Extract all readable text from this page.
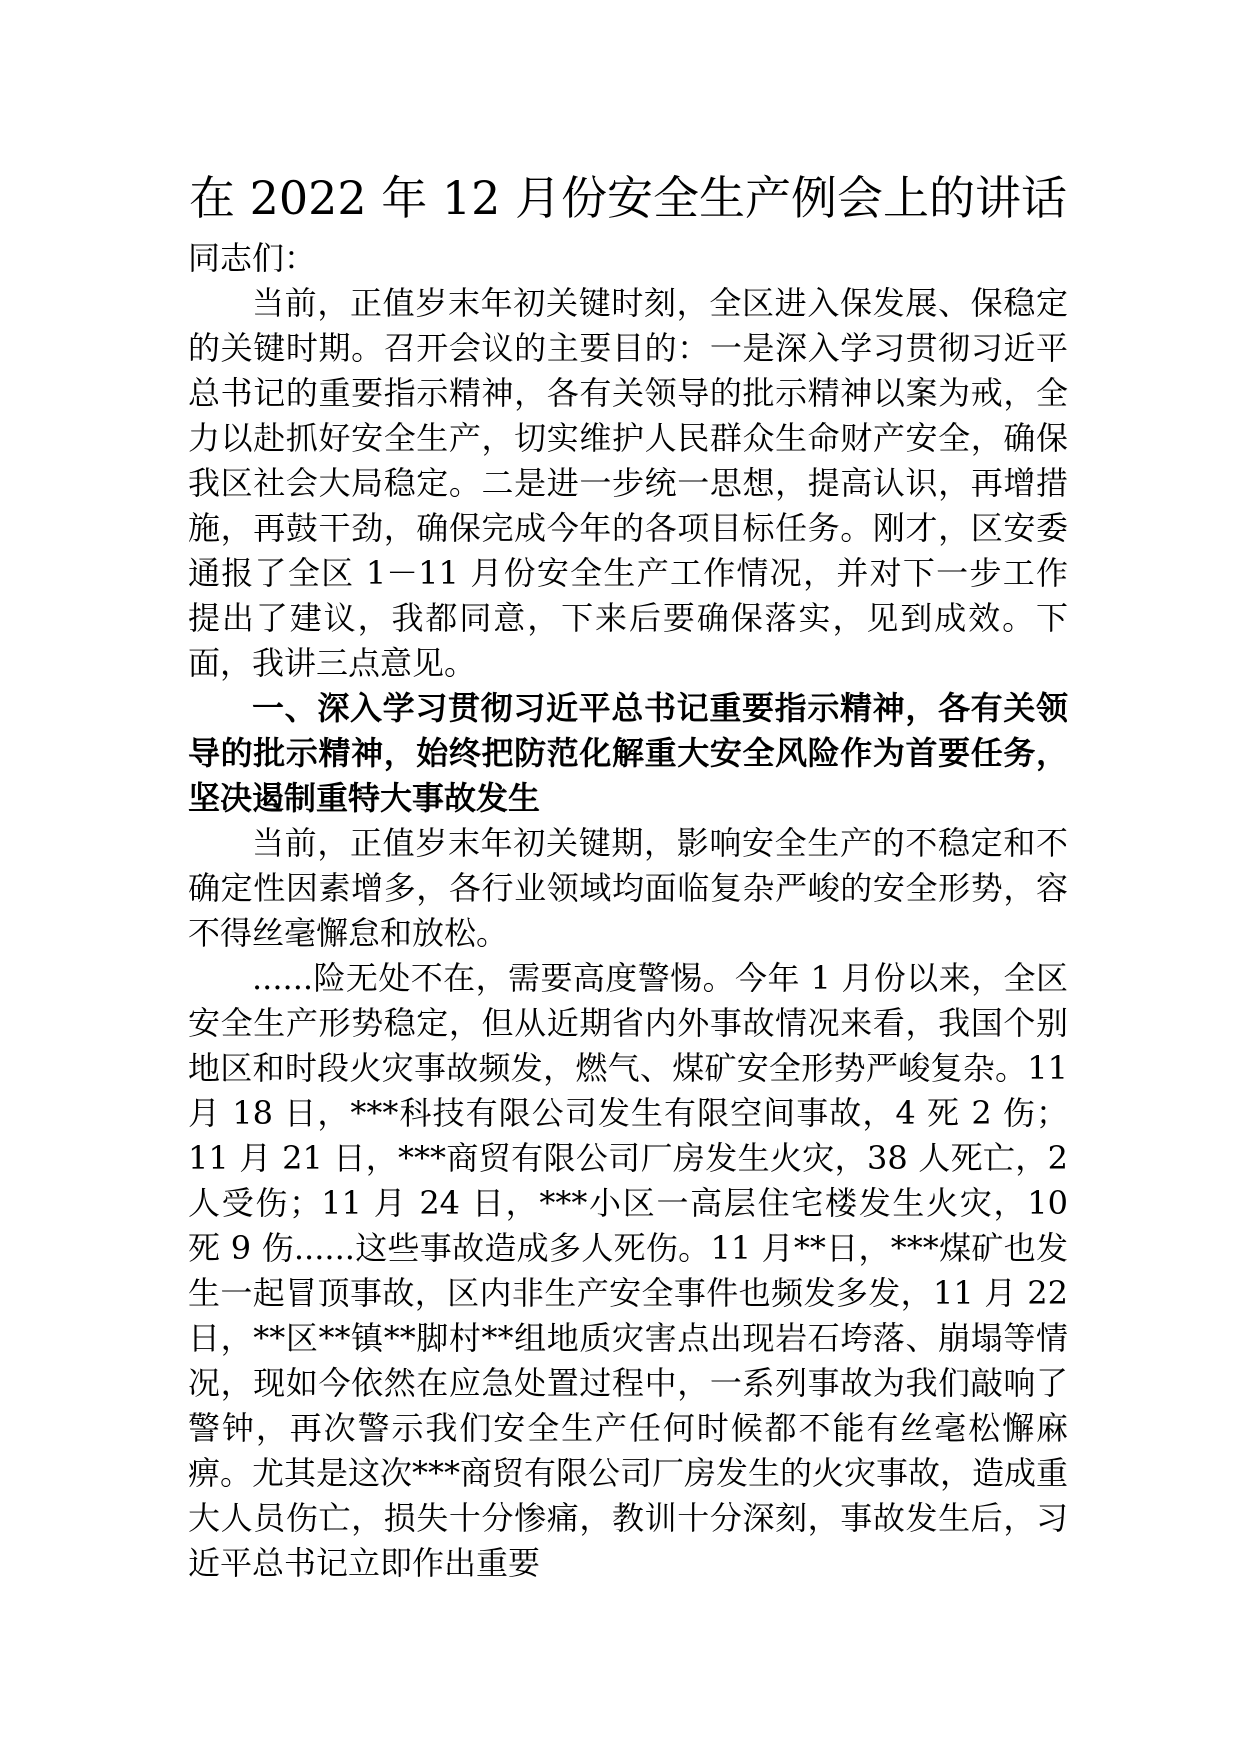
在 2022 年 12 月份安全生产例会上的讲话

同志们：

当前，正值岁末年初关键时刻，全区进入保发展、保稳定的关键时期。召开会议的主要目的：一是深入学习贯彻习近平总书记的重要指示精神，各有关领导的批示精神以案为戒，全力以赴抓好安全生产，切实维护人民群众生命财产安全，确保我区社会大局稳定。二是进一步统一思想，提高认识，再增措施，再鼓干劲，确保完成今年的各项目标任务。刚才，区安委通报了全区 1－11 月份安全生产工作情况，并对下一步工作提出了建议，我都同意，下来后要确保落实，见到成效。下面，我讲三点意见。

一、深入学习贯彻习近平总书记重要指示精神，各有关领导的批示精神，始终把防范化解重大安全风险作为首要任务，坚决遏制重特大事故发生

当前，正值岁末年初关键期，影响安全生产的不稳定和不确定性因素增多，各行业领域均面临复杂严峻的安全形势，容不得丝毫懈怠和放松。

......险无处不在，需要高度警惕。今年 1 月份以来，全区安全生产形势稳定，但从近期省内外事故情况来看，我国个别地区和时段火灾事故频发，燃气、煤矿安全形势严峻复杂。11 月 18 日，***科技有限公司发生有限空间事故，4 死 2 伤；11 月 21 日，***商贸有限公司厂房发生火灾，38 人死亡，2 人受伤；11 月 24 日，***小区一高层住宅楼发生火灾，10 死 9 伤......这些事故造成多人死伤。11 月**日，***煤矿也发生一起冒顶事故，区内非生产安全事件也频发多发，11 月 22 日，**区**镇**脚村**组地质灾害点出现岩石垮落、崩塌等情况，现如今依然在应急处置过程中，一系列事故为我们敲响了警钟，再次警示我们安全生产任何时候都不能有丝毫松懈麻痹。尤其是这次***商贸有限公司厂房发生的火灾事故，造成重大人员伤亡，损失十分惨痛，教训十分深刻，事故发生后，习近平总书记立即作出重要
